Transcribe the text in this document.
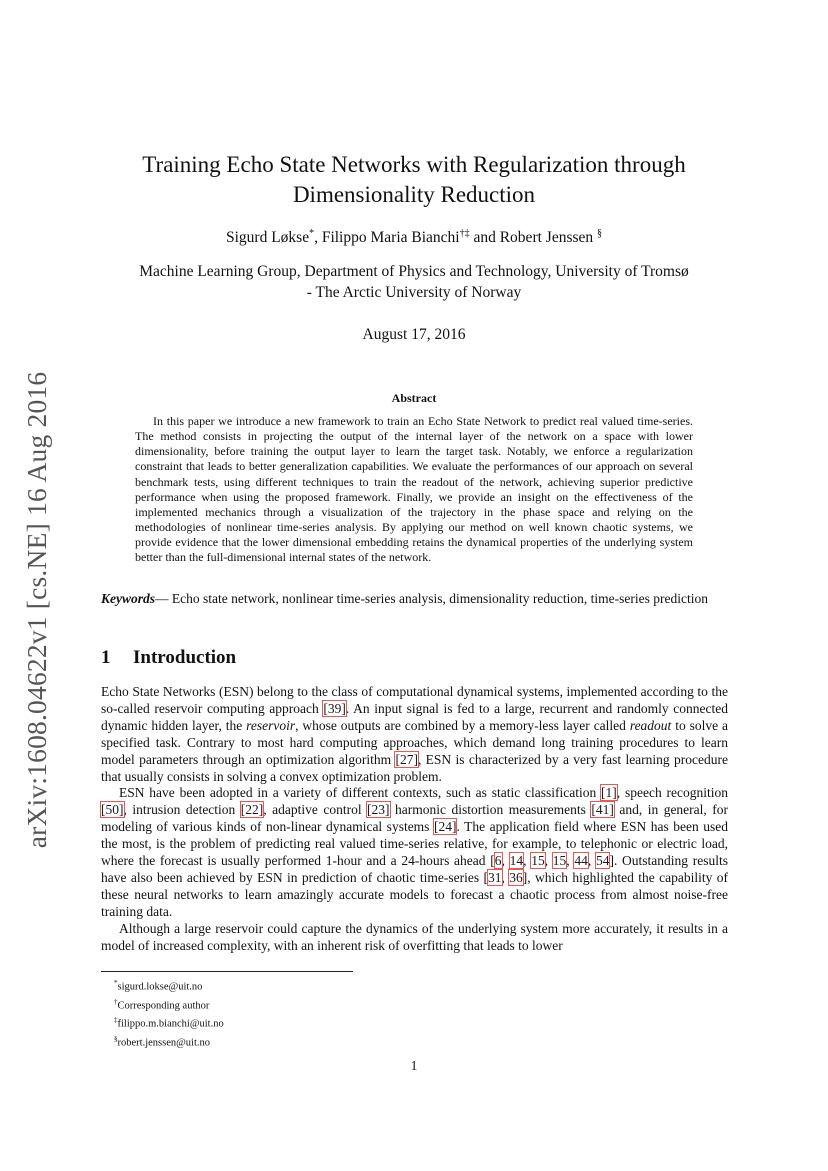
arXiv:1608.04622v1 [cs.NE] 16 Aug 2016
Training Echo State Networks with Regularization through
Dimensionality Reduction
Sigurd Løkse*, Filippo Maria Bianchi†‡ and Robert Jenssen §
Machine Learning Group, Department of Physics and Technology, University of Tromsø
- The Arctic University of Norway
August 17, 2016
Abstract

In this paper we introduce a new framework to train an Echo State Network to predict real valued time-series. The method consists in projecting the output of the internal layer of the network on a space with lower dimensionality, before training the output layer to learn the target task. Notably, we enforce a regularization constraint that leads to better generalization capabilities. We evaluate the performances of our approach on several benchmark tests, using different techniques to train the readout of the network, achieving superior predictive performance when using the proposed framework. Finally, we provide an insight on the effectiveness of the implemented mechanics through a visualization of the trajectory in the phase space and relying on the methodologies of nonlinear time-series analysis. By applying our method on well known chaotic systems, we provide evidence that the lower dimensional embedding retains the dynamical properties of the underlying system better than the full-dimensional internal states of the network.

Keywords— Echo state network, nonlinear time-series analysis, dimensionality reduction, time-series prediction

1 Introduction

Echo State Networks (ESN) belong to the class of computational dynamical systems, implemented according to the so-called reservoir computing approach [39]. An input signal is fed to a large, recurrent and randomly connected dynamic hidden layer, the reservoir, whose outputs are combined by a memory-less layer called readout to solve a specified task. Contrary to most hard computing approaches, which demand long training procedures to learn model parameters through an optimization algorithm [27], ESN is characterized by a very fast learning procedure that usually consists in solving a convex optimization problem.

ESN have been adopted in a variety of different contexts, such as static classification [1], speech recognition [50], intrusion detection [22], adaptive control [23] harmonic distortion measurements [41] and, in general, for modeling of various kinds of non-linear dynamical systems [24]. The application field where ESN has been used the most, is the problem of predicting real valued time-series relative, for example, to telephonic or electric load, where the forecast is usually performed 1-hour and a 24-hours ahead [6, 14, 15, 15, 44, 54]. Outstanding results have also been achieved by ESN in prediction of chaotic time-series [31, 36], which highlighted the capability of these neural networks to learn amazingly accurate models to forecast a chaotic process from almost noise-free training data.

Although a large reservoir could capture the dynamics of the underlying system more accurately, it results in a model of increased complexity, with an inherent risk of overfitting that leads to lower

*sigurd.lokse@uit.no
†Corresponding author
‡filippo.m.bianchi@uit.no
§robert.jenssen@uit.no
1
